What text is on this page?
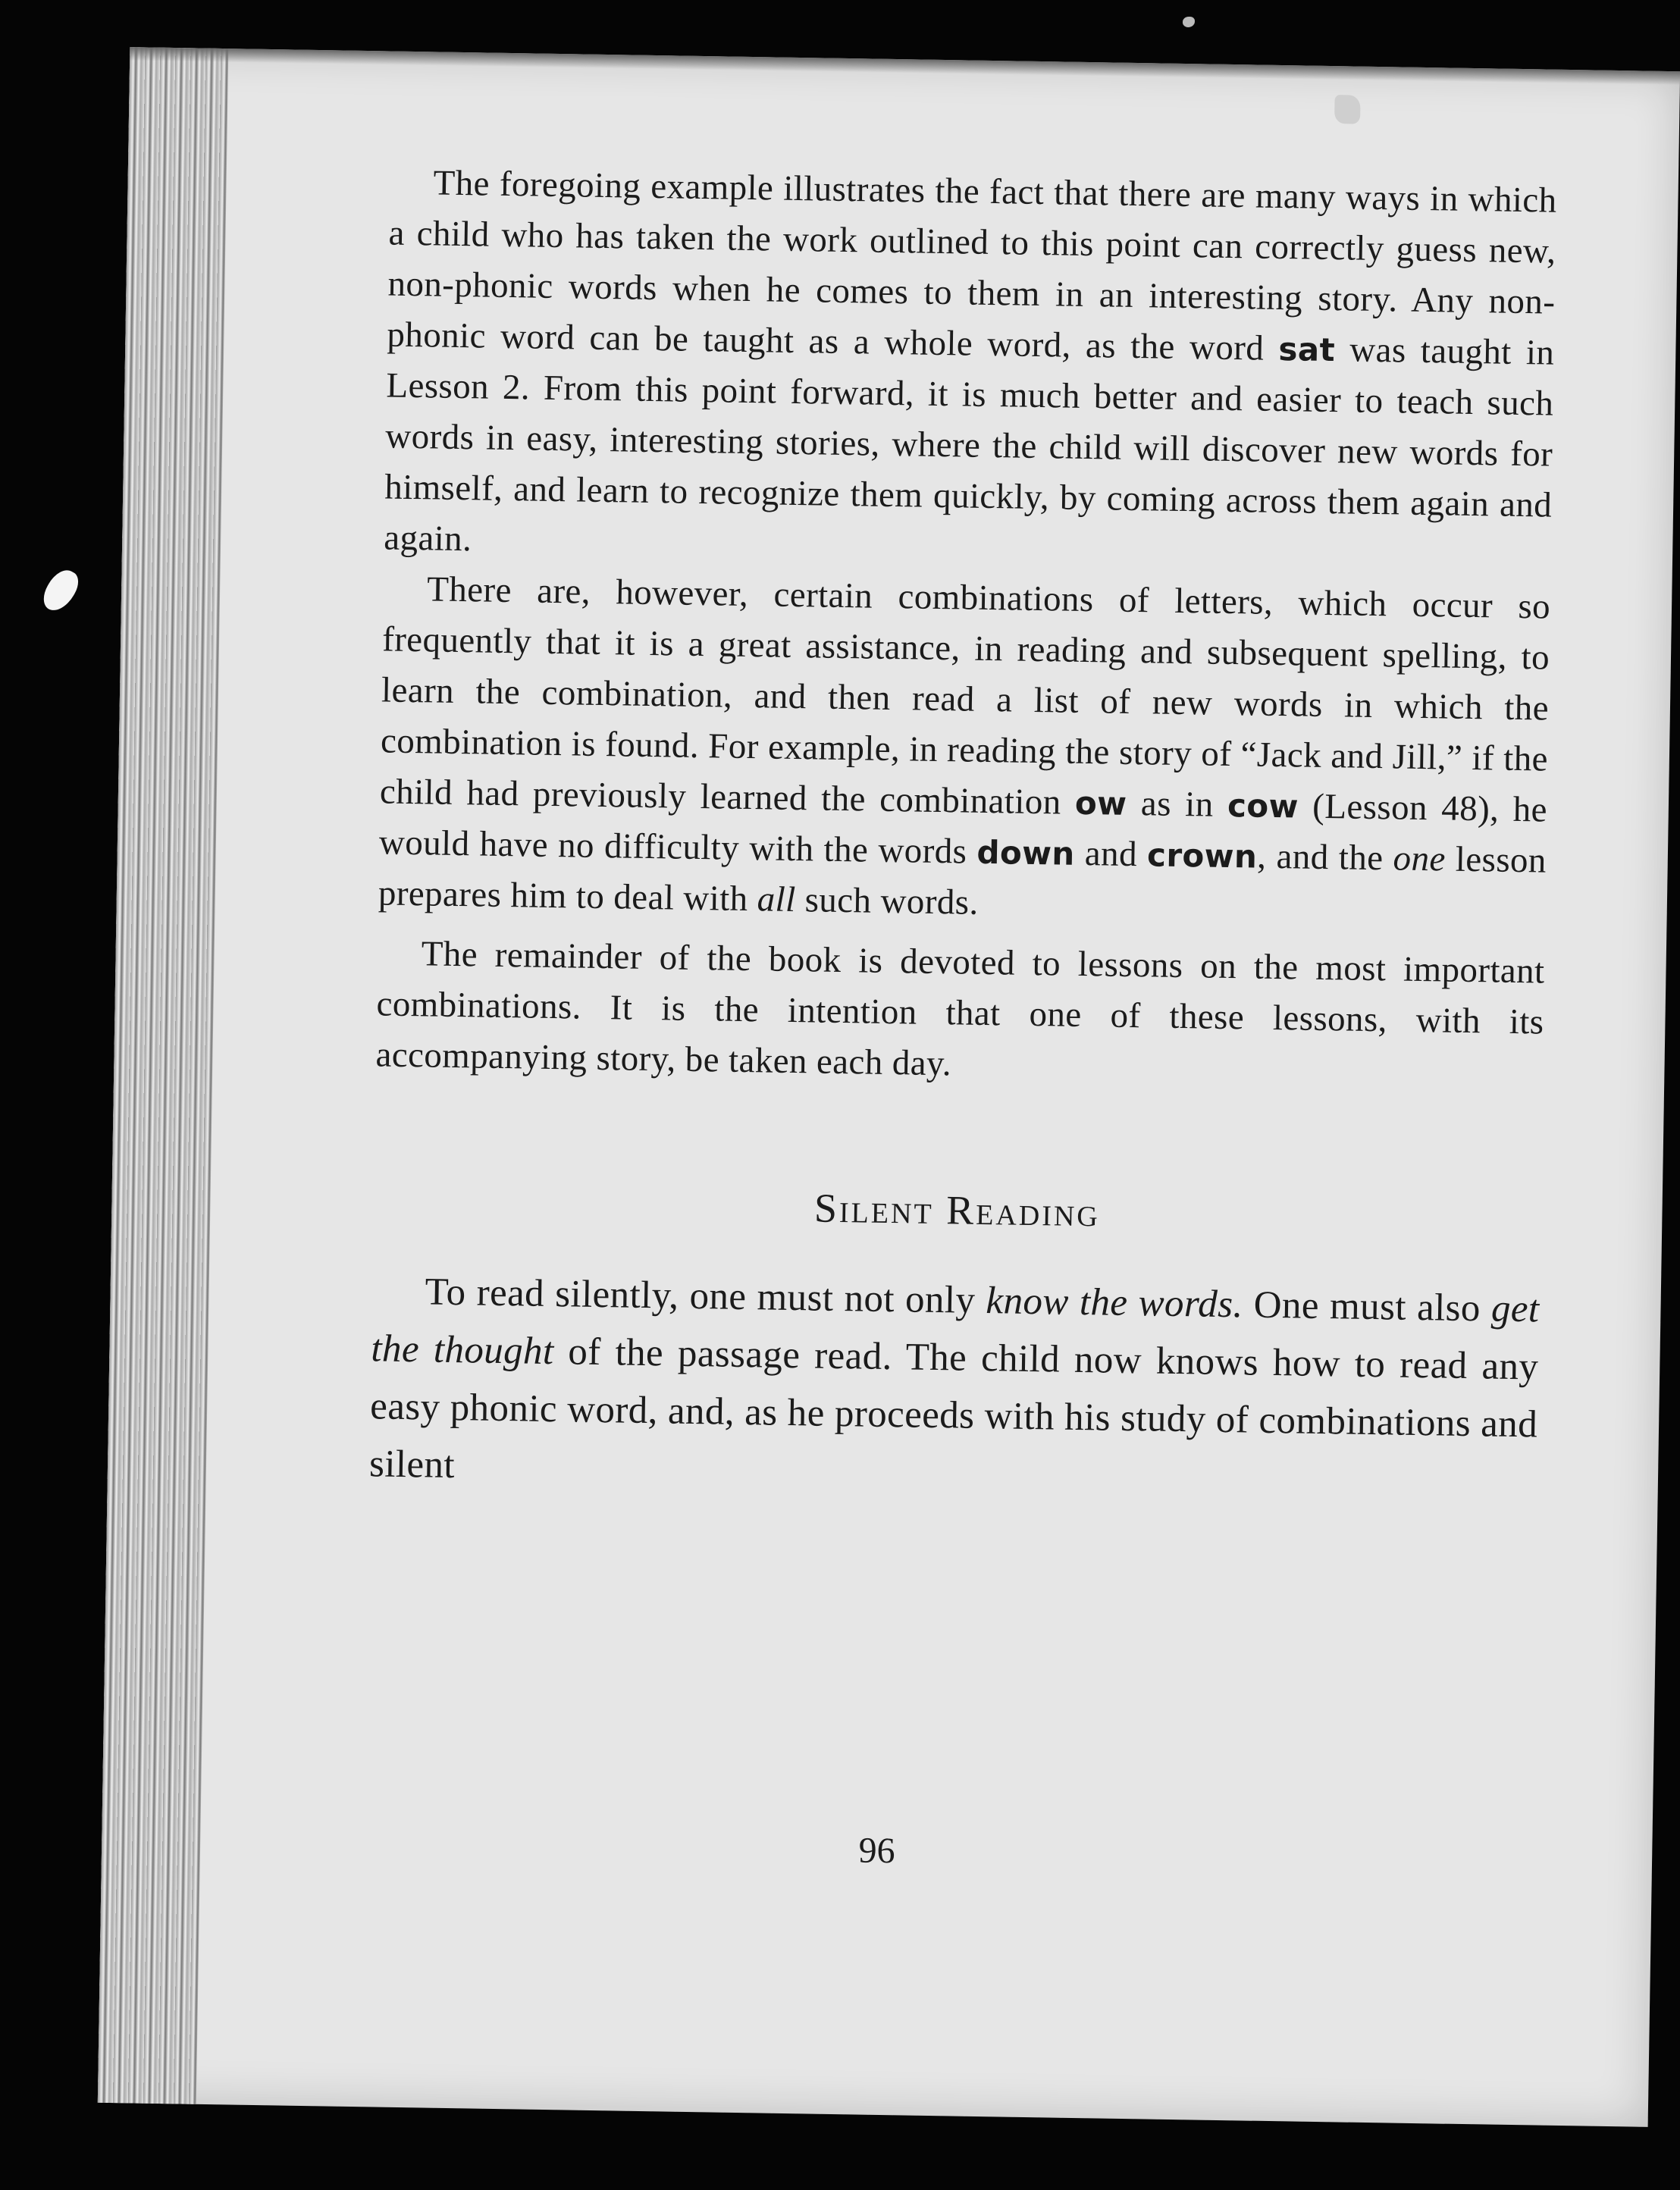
The foregoing example illustrates the fact that there are many ways in which a child who has taken the work outlined to this point can correctly guess new, non-phonic words when he comes to them in an interesting story. Any non-phonic word can be taught as a whole word, as the word sat was taught in Lesson 2. From this point forward, it is much better and easier to teach such words in easy, interesting stories, where the child will discover new words for himself, and learn to recognize them quickly, by coming across them again and again.

There are, however, certain combinations of letters, which occur so frequently that it is a great assistance, in reading and subsequent spelling, to learn the combination, and then read a list of new words in which the combination is found. For example, in reading the story of “Jack and Jill,” if the child had previously learned the combination ow as in cow (Lesson 48), he would have no difficulty with the words down and crown, and the one lesson prepares him to deal with all such words.

The remainder of the book is devoted to lessons on the most important combinations. It is the intention that one of these lessons, with its accompanying story, be taken each day.

Silent Reading

To read silently, one must not only know the words. One must also get the thought of the passage read. The child now knows how to read any easy phonic word, and, as he proceeds with his study of combinations and silent

96
